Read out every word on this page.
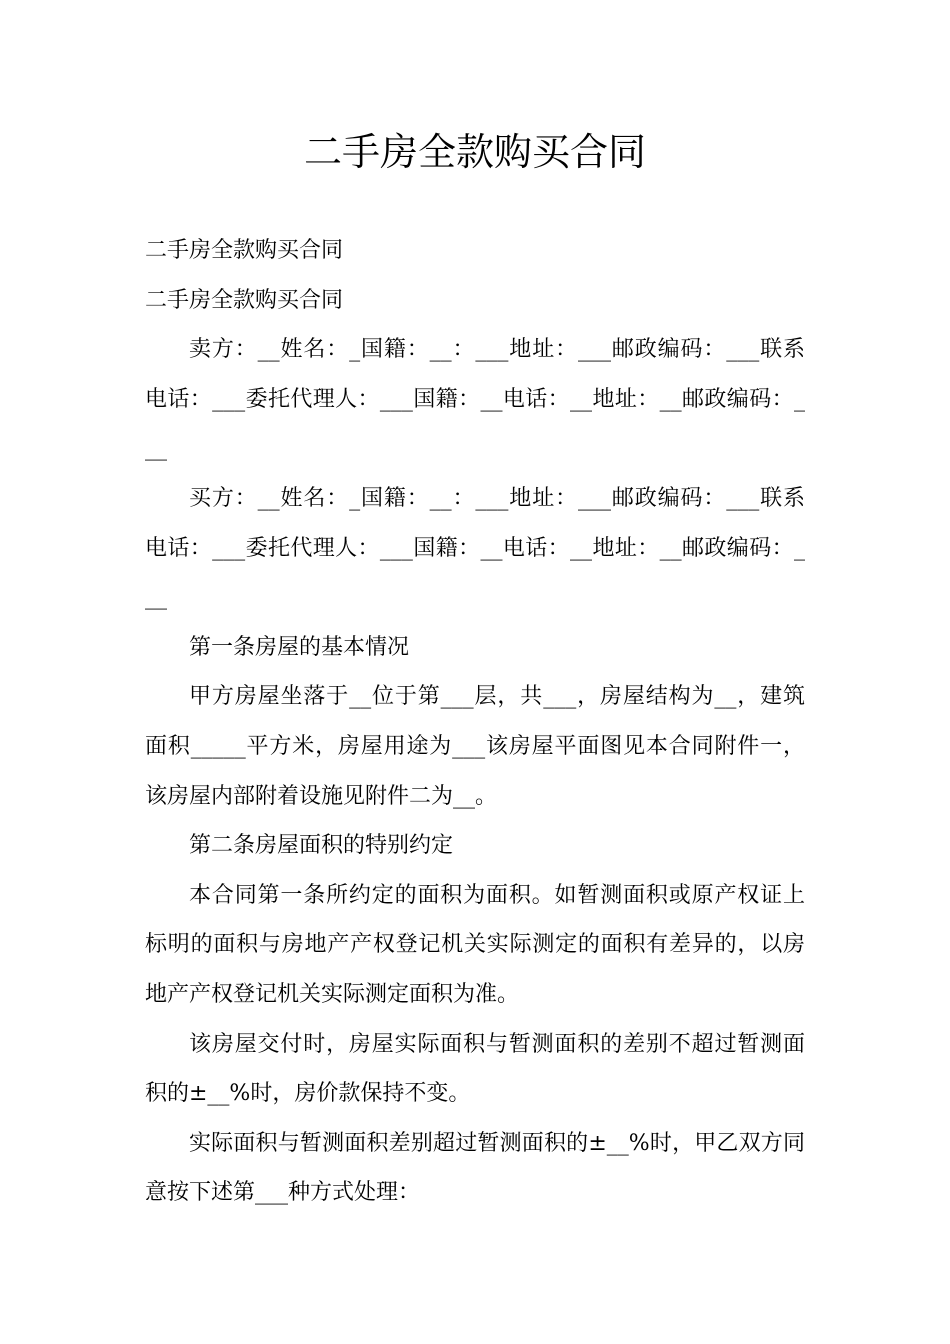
二手房全款购买合同
二手房全款购买合同
二手房全款购买合同
卖方：__姓名：_国籍：__：___地址：___邮政编码：___联系
电话：___委托代理人：___国籍：__电话：__地址：__邮政编码：_
__
买方：__姓名：_国籍：__：___地址：___邮政编码：___联系
电话：___委托代理人：___国籍：__电话：__地址：__邮政编码：_
__
第一条房屋的基本情况
甲方房屋坐落于__位于第___层，共___，房屋结构为__，建筑
面积_____平方米，房屋用途为___该房屋平面图见本合同附件一，
该房屋内部附着设施见附件二为__。
第二条房屋面积的特别约定
本合同第一条所约定的面积为面积。如暂测面积或原产权证上
标明的面积与房地产产权登记机关实际测定的面积有差异的，以房
地产产权登记机关实际测定面积为准。
该房屋交付时，房屋实际面积与暂测面积的差别不超过暂测面
积的±__%时，房价款保持不变。
实际面积与暂测面积差别超过暂测面积的±__%时，甲乙双方同
意按下述第___种方式处理：
